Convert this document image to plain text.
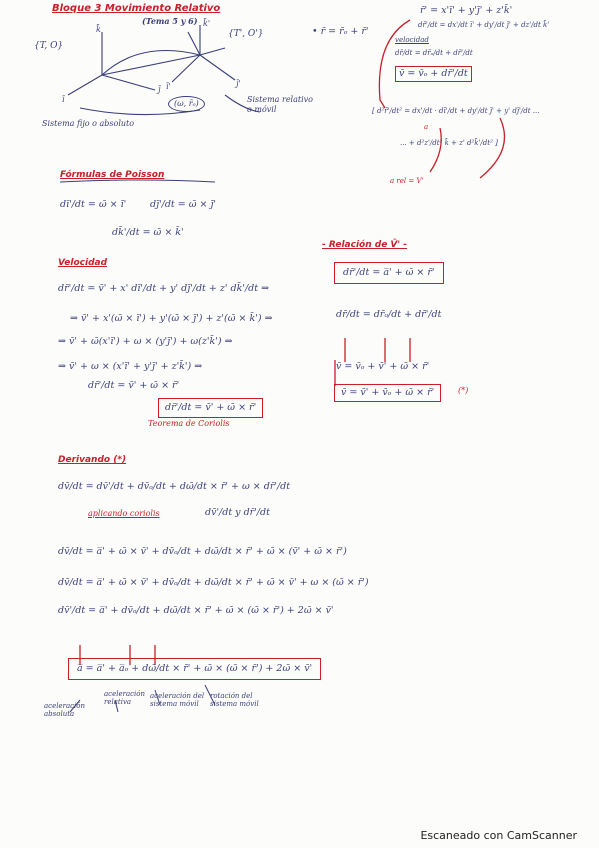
Bloque 3 Movimiento Relativo
(Tema 5 y 6)
{T, O}
{T', O'}
k̄
ī
j̄
k̄'
ī'	j̄'
(ω, r̄ₒ)
Sistema fijo o absoluto
Sistema relativo o móvil
r̄' = x'ī' + y'j̄' + z'k̄'
• r̄ = r̄ₒ + r̄'
dr̄'/dt = dx'/dt ī' + dy'/dt j̄' + dz'/dt k̄'
velocidad
dr̄/dt = dr̄ₒ/dt + dr̄'/dt
v̄ = v̄ₒ + dr̄'/dt
[ d²r̄'/dt² = dx'/dt · dī'/dt + dy'/dt j̄' + y' dj̄'/dt ...
... + d²z'/dt² k̄ + z' d²k̄'/dt² ]
a
a rel = V'
Fórmulas de Poisson
dī'/dt = ω̄ × ī'	dj̄'/dt = ω̄ × j̄'
dk̄'/dt = ω̄ × k̄'
Velocidad
dr̄'/dt = v̄' + x' dī'/dt + y' dj̄'/dt + z' dk̄'/dt ⇒
⇒ v̄' + x'(ω̄ × ī') + y'(ω̄ × j̄') + z'(ω̄ × k̄') ⇒
⇒ v̄' + ω̄(x'ī') + ω × (y'j̄') + ω(z'k̄') ⇒
⇒ v̄' + ω × (x'ī' + y'j̄' + z'k̄') ⇒
dr̄'/dt = v̄' + ω̄ × r̄'
dr̄'/dt = v̄' + ω̄ × r̄'
Teorema de Coriolis
- Relación de V̄' -
dr̄'/dt = a̅' + ω̄ × r̄'
dr̄/dt = dr̄ₒ/dt + dr̄'/dt
v̄ = v̄ₒ + v̄' + ω̄ × r̄'
v̄ = v̄' + v̄ₒ + ω̄ × r̄'	(*)
Derivando (*)
dv̄/dt = dv̄'/dt + dv̄ₒ/dt + dω̄/dt × r̄' + ω × dr̄'/dt
aplicando coriolis	dv̄'/dt y dr̄'/dt
dv̄/dt = a̅' + ω̄ × v̄' + dv̄ₒ/dt + dω̄/dt × r̄' + ω̄ × (v̄' + ω̄ × r̄')
dv̄/dt = a̅' + ω̄ × v̄' + dv̄ₒ/dt + dω̄/dt × r̄' + ω̄ × v̄' + ω × (ω̄ × r̄')
dv̄'/dt = a̅' + dv̄ₒ/dt + dω̄/dt × r̄' + ω̄ × (ω̄ × r̄') + 2ω̄ × v̄'
a̅ = a̅' + a̅ₒ + dω̄/dt × r̄' + ω̄ × (ω̄ × r̄') + 2ω̄ × v̄'
aceleración absoluta
aceleración relativa
aceleración del sistema móvil
rotación del sistema móvil
Escaneado con CamScanner
